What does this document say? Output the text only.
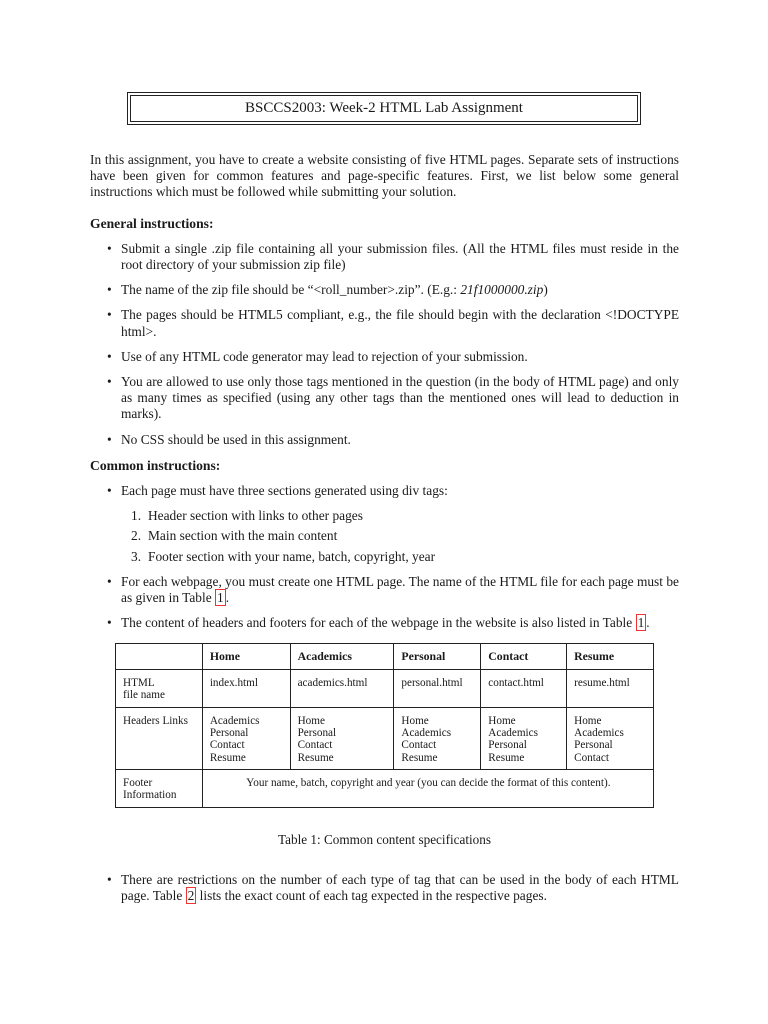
BSCCS2003: Week-2 HTML Lab Assignment

In this assignment, you have to create a website consisting of five HTML pages. Separate sets of instructions have been given for common features and page-specific features. First, we list below some general instructions which must be followed while submitting your solution.

General instructions:
• Submit a single .zip file containing all your submission files. (All the HTML files must reside in the root directory of your submission zip file)
• The name of the zip file should be “<roll_number>.zip”. (E.g.: 21f1000000.zip)
• The pages should be HTML5 compliant, e.g., the file should begin with the declaration <!DOCTYPE html>.
• Use of any HTML code generator may lead to rejection of your submission.
• You are allowed to use only those tags mentioned in the question (in the body of HTML page) and only as many times as specified (using any other tags than the mentioned ones will lead to deduction in marks).
• No CSS should be used in this assignment.
Common instructions:
• Each page must have three sections generated using div tags:
1. Header section with links to other pages
2. Main section with the main content
3. Footer section with your name, batch, copyright, year
• For each webpage, you must create one HTML page. The name of the HTML file for each page must be as given in Table 1 .
• The content of headers and footers for each of the webpage in the website is also listed in Table 1 .
	Home	Academics	Personal	Contact	Resume

HTML
file name	index.html	academics.html	personal.html	contact.html	resume.html
Headers Links	Academics
Personal
Contact
Resume	Home
Personal
Contact
Resume	Home
Academics
Contact
Resume	Home
Academics
Personal
Resume	Home
Academics
Personal
Contact

Footer
Information	Your name, batch, copyright and year (you can decide the format of this content).				
Table 1: Common content specifications
• There are restrictions on the number of each type of tag that can be used in the body of each HTML page. Table 2 lists the exact count of each tag expected in the respective pages.
